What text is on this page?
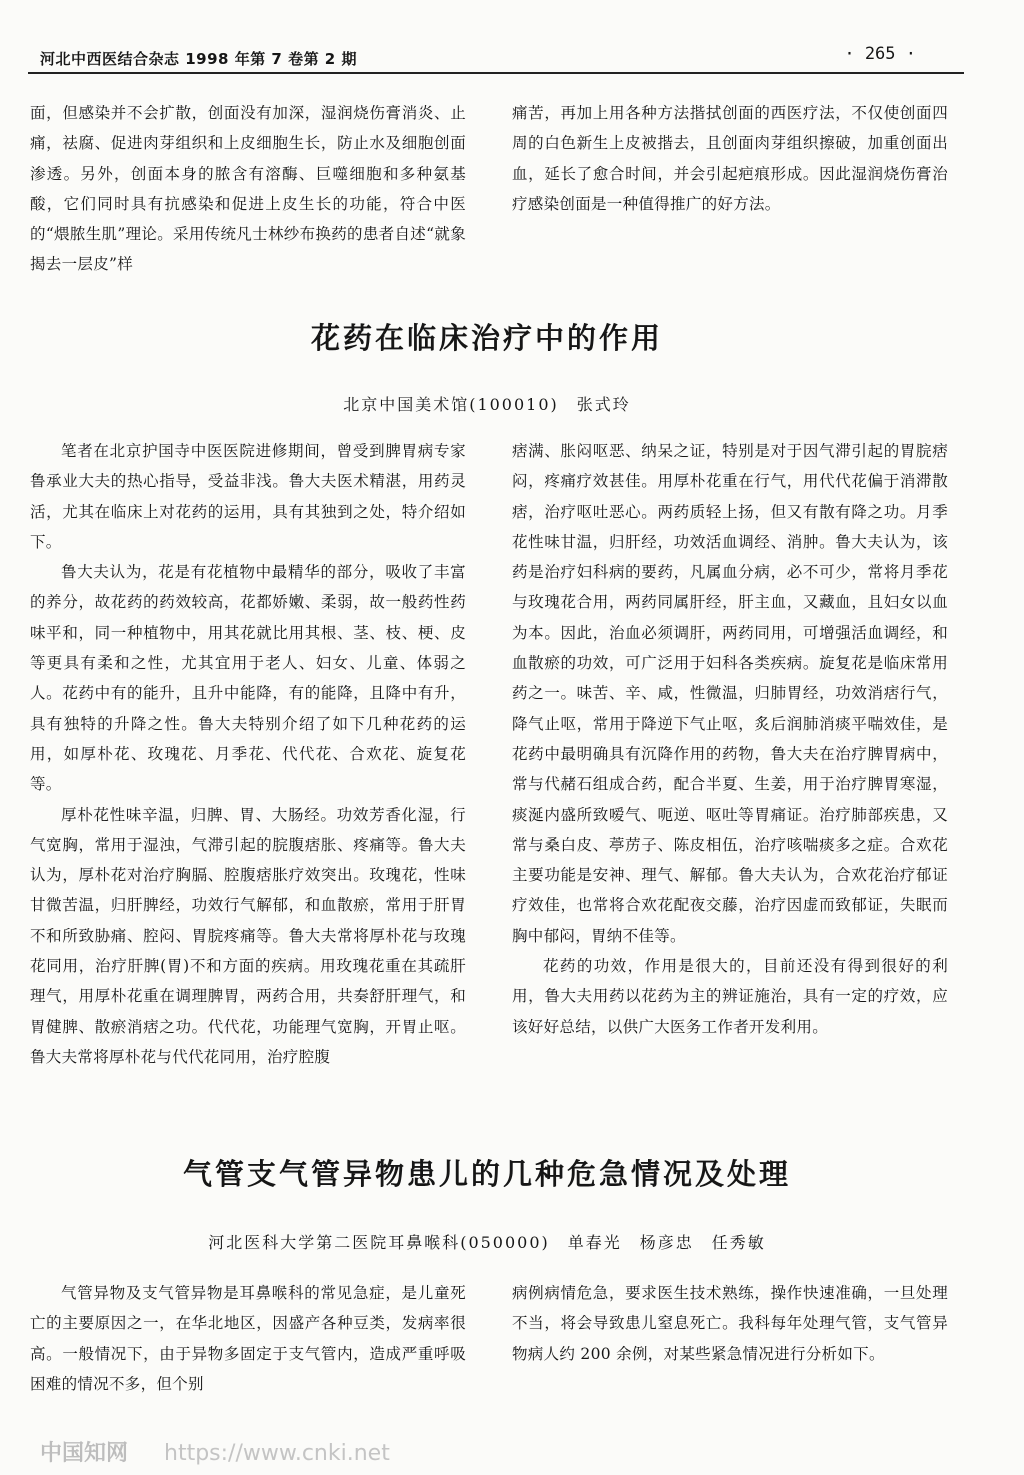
河北中西医结合杂志 1998 年第 7 卷第 2 期	· 265 ·

面，但感染并不会扩散，创面没有加深，湿润烧伤膏消炎、止痛，祛腐、促进肉芽组织和上皮细胞生长，防止水及细胞创面渗透。另外，创面本身的脓含有溶酶、巨噬细胞和多种氨基酸，它们同时具有抗感染和促进上皮生长的功能，符合中医的“煨脓生肌”理论。采用传统凡士林纱布换药的患者自述“就象揭去一层皮”样

痛苦，再加上用各种方法揩拭创面的西医疗法，不仅使创面四周的白色新生上皮被揩去，且创面肉芽组织擦破，加重创面出血，延长了愈合时间，并会引起疤痕形成。因此湿润烧伤膏治疗感染创面是一种值得推广的好方法。

花药在临床治疗中的作用
北京中国美术馆(100010)　张式玲

笔者在北京护国寺中医医院进修期间，曾受到脾胃病专家鲁承业大夫的热心指导，受益非浅。鲁大夫医术精湛，用药灵活，尤其在临床上对花药的运用，具有其独到之处，特介绍如下。

鲁大夫认为，花是有花植物中最精华的部分，吸收了丰富的养分，故花药的药效较高，花都娇嫩、柔弱，故一般药性药味平和，同一种植物中，用其花就比用其根、茎、枝、梗、皮等更具有柔和之性，尤其宜用于老人、妇女、儿童、体弱之人。花药中有的能升，且升中能降，有的能降，且降中有升，具有独特的升降之性。鲁大夫特别介绍了如下几种花药的运用，如厚朴花、玫瑰花、月季花、代代花、合欢花、旋复花等。

厚朴花性味辛温，归脾、胃、大肠经。功效芳香化湿，行气宽胸，常用于湿浊，气滞引起的脘腹痞胀、疼痛等。鲁大夫认为，厚朴花对治疗胸膈、腔腹痞胀疗效突出。玫瑰花，性味甘微苦温，归肝脾经，功效行气解郁，和血散瘀，常用于肝胃不和所致胁痛、腔闷、胃脘疼痛等。鲁大夫常将厚朴花与玫瑰花同用，治疗肝脾(胃)不和方面的疾病。用玫瑰花重在其疏肝理气，用厚朴花重在调理脾胃，两药合用，共奏舒肝理气，和胃健脾、散瘀消痞之功。代代花，功能理气宽胸，开胃止呕。鲁大夫常将厚朴花与代代花同用，治疗腔腹

痞满、胀闷呕恶、纳呆之证，特别是对于因气滞引起的胃脘痞闷，疼痛疗效甚佳。用厚朴花重在行气，用代代花偏于消滞散痞，治疗呕吐恶心。两药质轻上扬，但又有散有降之功。月季花性味甘温，归肝经，功效活血调经、消肿。鲁大夫认为，该药是治疗妇科病的要药，凡属血分病，必不可少，常将月季花与玫瑰花合用，两药同属肝经，肝主血，又藏血，且妇女以血为本。因此，治血必须调肝，两药同用，可增强活血调经，和血散瘀的功效，可广泛用于妇科各类疾病。旋复花是临床常用药之一。味苦、辛、咸，性微温，归肺胃经，功效消痞行气，降气止呕，常用于降逆下气止呕，炙后润肺消痰平喘效佳，是花药中最明确具有沉降作用的药物，鲁大夫在治疗脾胃病中，常与代赭石组成合药，配合半夏、生姜，用于治疗脾胃寒湿，痰涎内盛所致嗳气、呃逆、呕吐等胃痛证。治疗肺部疾患，又常与桑白皮、葶苈子、陈皮相伍，治疗咳喘痰多之症。合欢花主要功能是安神、理气、解郁。鲁大夫认为，合欢花治疗郁证疗效佳，也常将合欢花配夜交藤，治疗因虚而致郁证，失眠而　胸中郁闷，胃纳不佳等。

花药的功效，作用是很大的，目前还没有得到很好的利用，鲁大夫用药以花药为主的辨证施治，具有一定的疗效，应该好好总结，以供广大医务工作者开发利用。

气管支气管异物患儿的几种危急情况及处理
河北医科大学第二医院耳鼻喉科(050000)　单春光　杨彦忠　任秀敏

气管异物及支气管异物是耳鼻喉科的常见急症，是儿童死亡的主要原因之一，在华北地区，因盛产各种豆类，发病率很高。一般情况下，由于异物多固定于支气管内，造成严重呼吸困难的情况不多，但个别

病例病情危急，要求医生技术熟练，操作快速准确，一旦处理不当，将会导致患儿窒息死亡。我科每年处理气管，支气管异物病人约 200 余例，对某些紧急情况进行分析如下。

中国知网 https://www.cnki.net
